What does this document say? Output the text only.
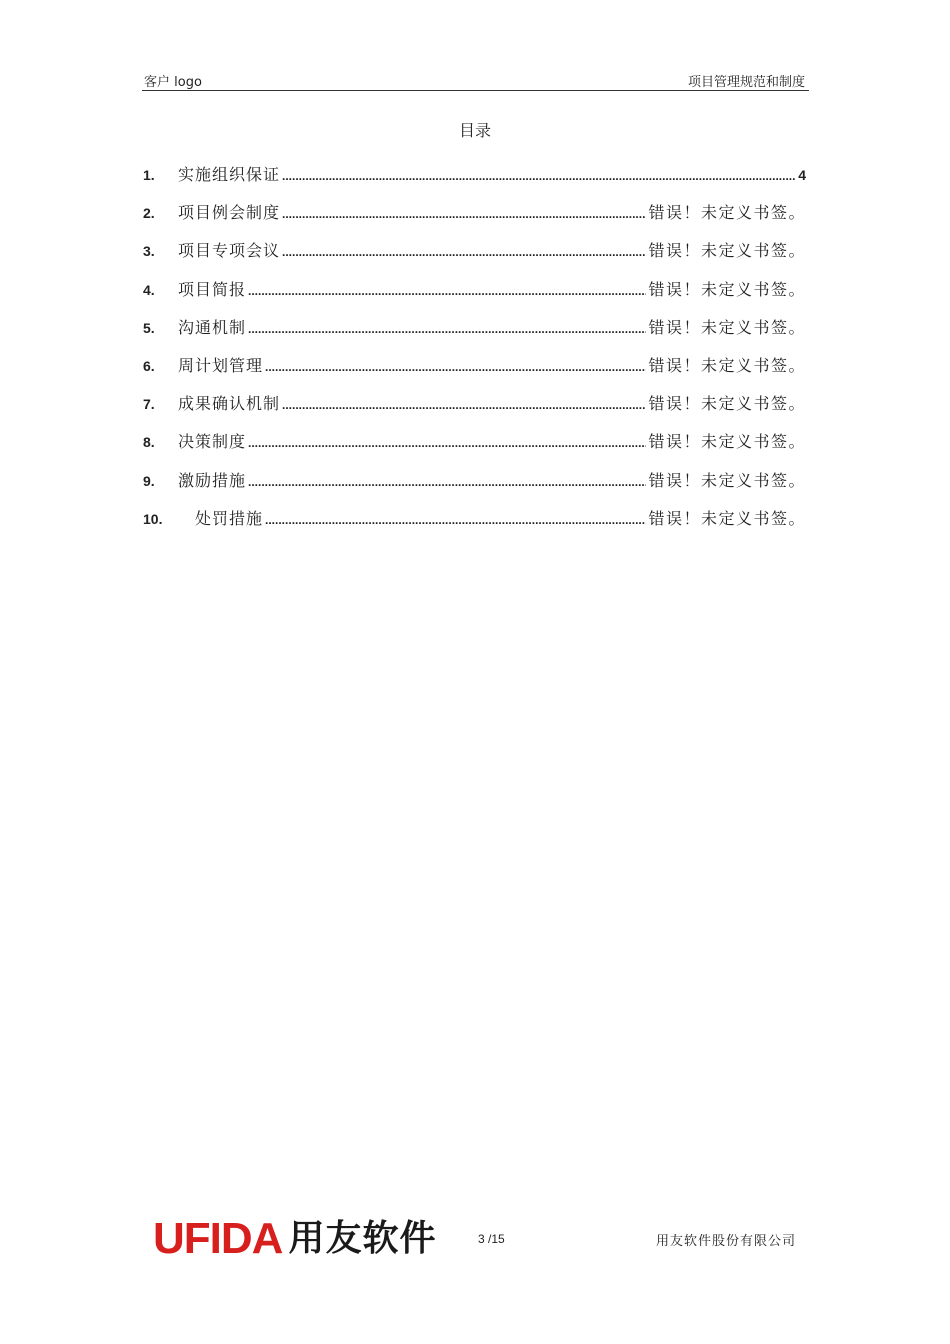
客户 logo	项目管理规范和制度
目录
1.	实施组织保证 .....	4
2.	项目例会制度 .....	错误！未定义书签。
3.	项目专项会议 .....	错误！未定义书签。
4.	项目简报 .....	错误！未定义书签。
5.	沟通机制 .....	错误！未定义书签。
6.	周计划管理 .....	错误！未定义书签。
7.	成果确认机制 .....	错误！未定义书签。
8.	决策制度 .....	错误！未定义书签。
9.	激励措施 .....	错误！未定义书签。
10.	处罚措施 .....	错误！未定义书签。
UFIDA 用友软件	3 /15	用友软件股份有限公司
